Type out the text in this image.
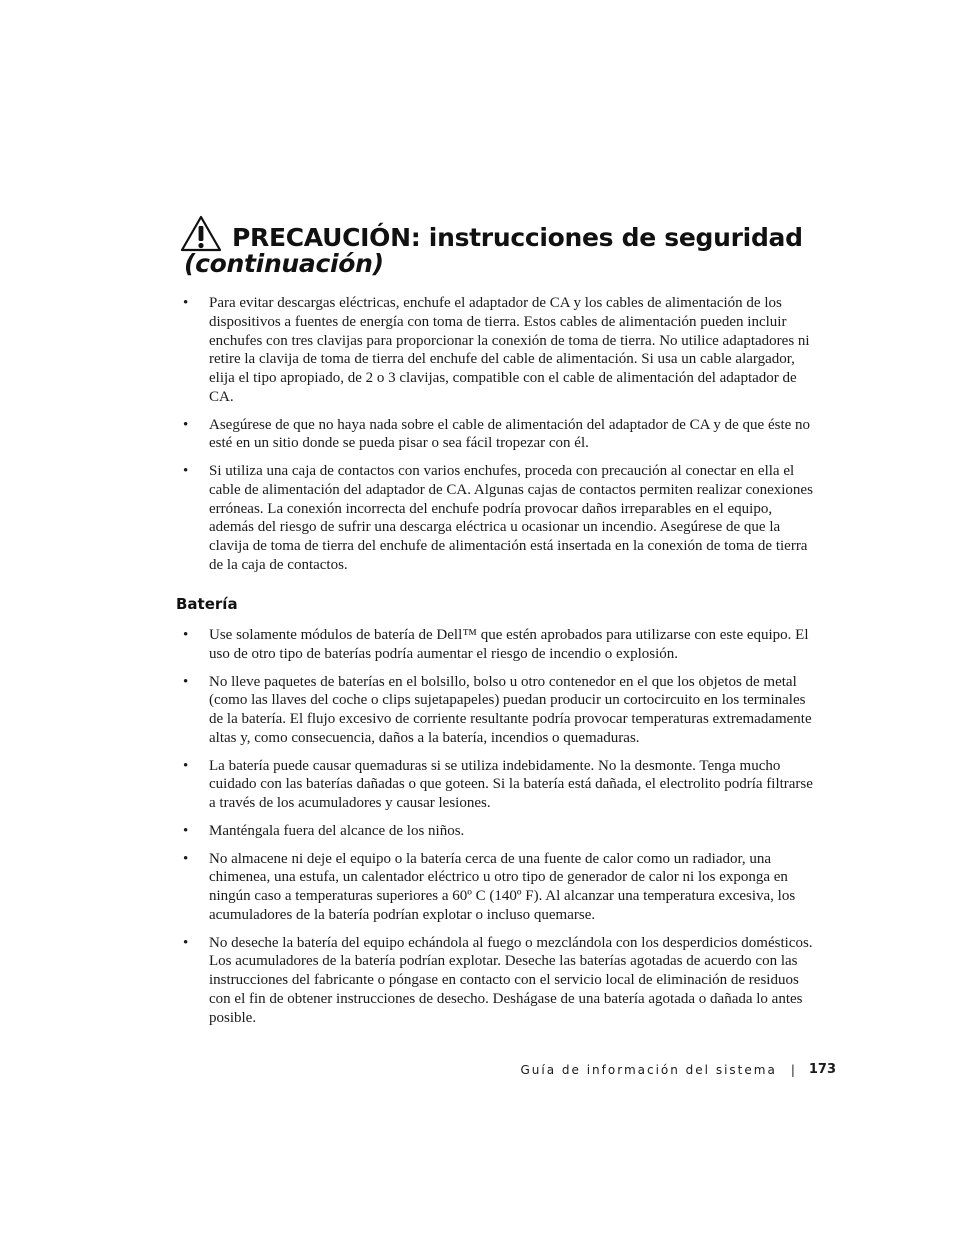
PRECAUCIÓN: instrucciones de seguridad
(continuación)
• Para evitar descargas eléctricas, enchufe el adaptador de CA y los cables de alimentación de los dispositivos a fuentes de energía con toma de tierra. Estos cables de alimentación pueden incluir enchufes con tres clavijas para proporcionar la conexión de toma de tierra. No utilice adaptadores ni retire la clavija de toma de tierra del enchufe del cable de alimentación. Si usa un cable alargador, elija el tipo apropiado, de 2 o 3 clavijas, compatible con el cable de alimentación del adaptador de CA.
• Asegúrese de que no haya nada sobre el cable de alimentación del adaptador de CA y de que éste no esté en un sitio donde se pueda pisar o sea fácil tropezar con él.
• Si utiliza una caja de contactos con varios enchufes, proceda con precaución al conectar en ella el cable de alimentación del adaptador de CA. Algunas cajas de contactos permiten realizar conexiones erróneas. La conexión incorrecta del enchufe podría provocar daños irreparables en el equipo, además del riesgo de sufrir una descarga eléctrica u ocasionar un incendio. Asegúrese de que la clavija de toma de tierra del enchufe de alimentación está insertada en la conexión de toma de tierra de la caja de contactos.
Batería
• Use solamente módulos de batería de Dell™ que estén aprobados para utilizarse con este equipo. El uso de otro tipo de baterías podría aumentar el riesgo de incendio o explosión.
• No lleve paquetes de baterías en el bolsillo, bolso u otro contenedor en el que los objetos de metal (como las llaves del coche o clips sujetapapeles) puedan producir un cortocircuito en los terminales de la batería. El flujo excesivo de corriente resultante podría provocar temperaturas extremadamente altas y, como consecuencia, daños a la batería, incendios o quemaduras.
• La batería puede causar quemaduras si se utiliza indebidamente. No la desmonte. Tenga mucho cuidado con las baterías dañadas o que goteen. Si la batería está dañada, el electrolito podría filtrarse a través de los acumuladores y causar lesiones.
• Manténgala fuera del alcance de los niños.
• No almacene ni deje el equipo o la batería cerca de una fuente de calor como un radiador, una chimenea, una estufa, un calentador eléctrico u otro tipo de generador de calor ni los exponga en ningún caso a temperaturas superiores a 60º C (140º F). Al alcanzar una temperatura excesiva, los acumuladores de la batería podrían explotar o incluso quemarse.
• No deseche la batería del equipo echándola al fuego o mezclándola con los desperdicios domésticos. Los acumuladores de la batería podrían explotar. Deseche las baterías agotadas de acuerdo con las instrucciones del fabricante o póngase en contacto con el servicio local de eliminación de residuos con el fin de obtener instrucciones de desecho. Deshágase de una batería agotada o dañada lo antes posible.
Guía de información del sistema | 173
